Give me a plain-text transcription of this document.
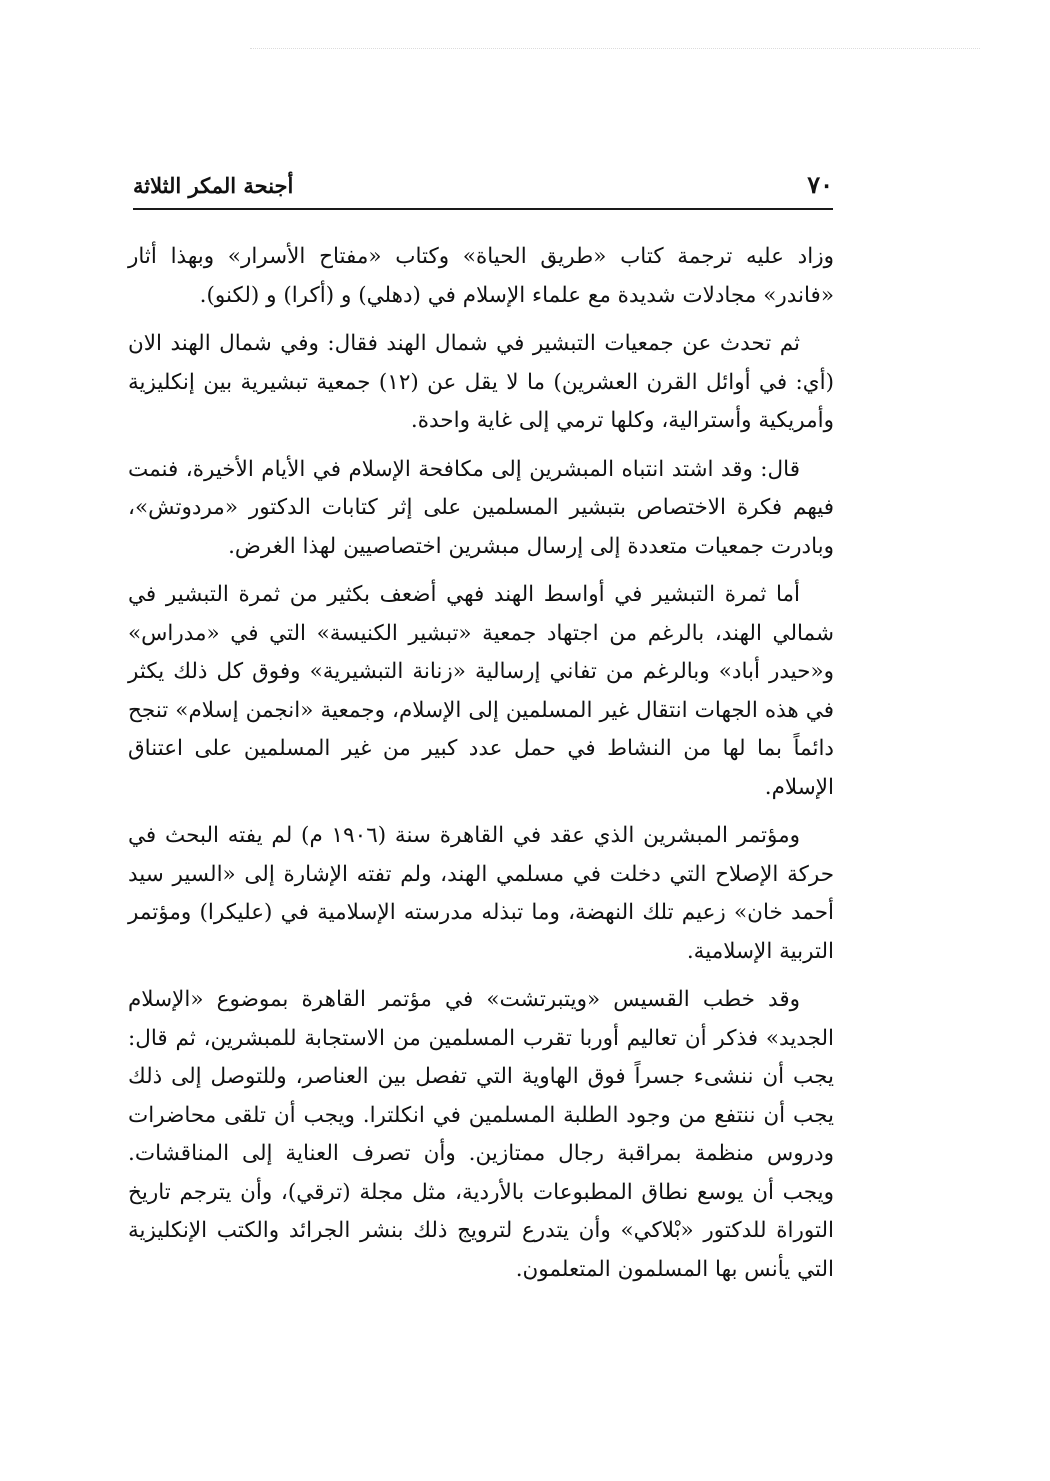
٧٠
أجنحة المكر الثلاثة

وزاد عليه ترجمة كتاب «طريق الحياة» وكتاب «مفتاح الأسرار» وبهذا أثار «فاندر» مجادلات شديدة مع علماء الإسلام في (دهلي) و (أكرا) و (لكنو).

ثم تحدث عن جمعيات التبشير في شمال الهند فقال: وفي شمال الهند الان (أي: في أوائل القرن العشرين) ما لا يقل عن (١٢) جمعية تبشيرية بين إنكليزية وأمريكية وأسترالية، وكلها ترمي إلى غاية واحدة.

قال: وقد اشتد انتباه المبشرين إلى مكافحة الإسلام في الأيام الأخيرة، فنمت فيهم فكرة الاختصاص بتبشير المسلمين على إثر كتابات الدكتور «مردوتش»، وبادرت جمعيات متعددة إلى إرسال مبشرين اختصاصيين لهذا الغرض.

أما ثمرة التبشير في أواسط الهند فهي أضعف بكثير من ثمرة التبشير في شمالي الهند، بالرغم من اجتهاد جمعية «تبشير الكنيسة» التي في «مدراس» و«حيدر أباد» وبالرغم من تفاني إرسالية «زنانة التبشيرية» وفوق كل ذلك يكثر في هذه الجهات انتقال غير المسلمين إلى الإسلام، وجمعية «انجمن إسلام» تنجح دائماً بما لها من النشاط في حمل عدد كبير من غير المسلمين على اعتناق الإسلام.

ومؤتمر المبشرين الذي عقد في القاهرة سنة (١٩٠٦ م) لم يفته البحث في حركة الإصلاح التي دخلت في مسلمي الهند، ولم تفته الإشارة إلى «السير سيد أحمد خان» زعيم تلك النهضة، وما تبذله مدرسته الإسلامية في (عليكرا) ومؤتمر التربية الإسلامية.

وقد خطب القسيس «ويتبرتشت» في مؤتمر القاهرة بموضوع «الإسلام الجديد» فذكر أن تعاليم أوربا تقرب المسلمين من الاستجابة للمبشرين، ثم قال: يجب أن ننشىء جسراً فوق الهاوية التي تفصل بين العناصر، وللتوصل إلى ذلك يجب أن ننتفع من وجود الطلبة المسلمين في انكلترا. ويجب أن تلقى محاضرات ودروس منظمة بمراقبة رجال ممتازين. وأن تصرف العناية إلى المناقشات. ويجب أن يوسع نطاق المطبوعات بالأردية، مثل مجلة (ترقي)، وأن يترجم تاريخ التوراة للدكتور «بْلاكي» وأن يتدرع لترويج ذلك بنشر الجرائد والكتب الإنكليزية التي يأنس بها المسلمون المتعلمون.
